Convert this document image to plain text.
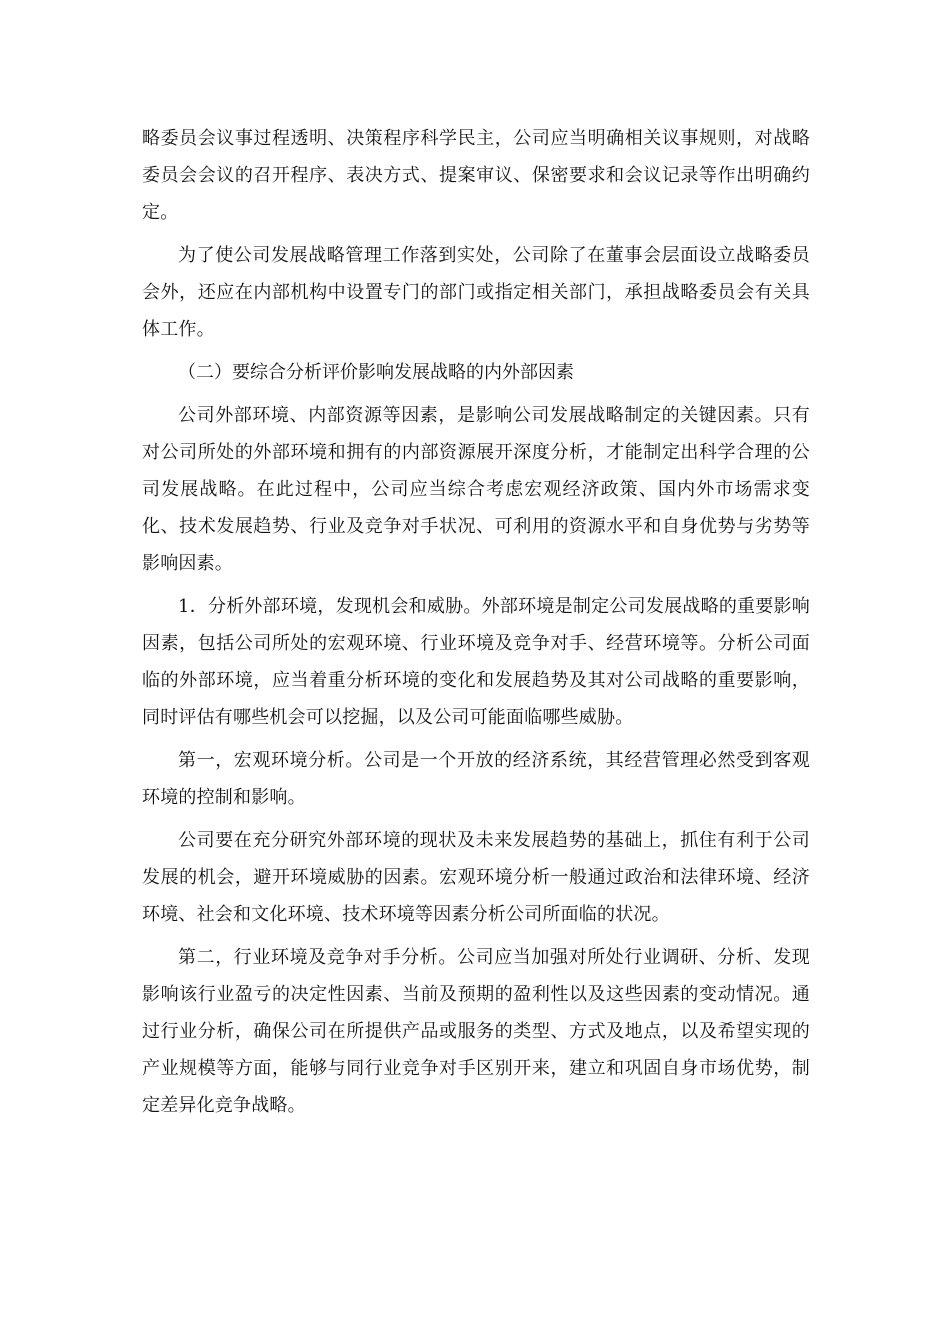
略委员会议事过程透明、决策程序科学民主，公司应当明确相关议事规则，对战略委员会会议的召开程序、表决方式、提案审议、保密要求和会议记录等作出明确约定。

为了使公司发展战略管理工作落到实处，公司除了在董事会层面设立战略委员会外，还应在内部机构中设置专门的部门或指定相关部门，承担战略委员会有关具体工作。

（二）要综合分析评价影响发展战略的内外部因素

公司外部环境、内部资源等因素，是影响公司发展战略制定的关键因素。只有对公司所处的外部环境和拥有的内部资源展开深度分析，才能制定出科学合理的公司发展战略。在此过程中，公司应当综合考虑宏观经济政策、国内外市场需求变化、技术发展趋势、行业及竞争对手状况、可利用的资源水平和自身优势与劣势等影响因素。

1．分析外部环境，发现机会和威胁。外部环境是制定公司发展战略的重要影响因素，包括公司所处的宏观环境、行业环境及竞争对手、经营环境等。分析公司面临的外部环境，应当着重分析环境的变化和发展趋势及其对公司战略的重要影响，同时评估有哪些机会可以挖掘，以及公司可能面临哪些威胁。

第一，宏观环境分析。公司是一个开放的经济系统，其经营管理必然受到客观环境的控制和影响。

公司要在充分研究外部环境的现状及未来发展趋势的基础上，抓住有利于公司发展的机会，避开环境威胁的因素。宏观环境分析一般通过政治和法律环境、经济环境、社会和文化环境、技术环境等因素分析公司所面临的状况。

第二，行业环境及竞争对手分析。公司应当加强对所处行业调研、分析、发现影响该行业盈亏的决定性因素、当前及预期的盈利性以及这些因素的变动情况。通过行业分析，确保公司在所提供产品或服务的类型、方式及地点，以及希望实现的产业规模等方面，能够与同行业竞争对手区别开来，建立和巩固自身市场优势，制定差异化竞争战略。
